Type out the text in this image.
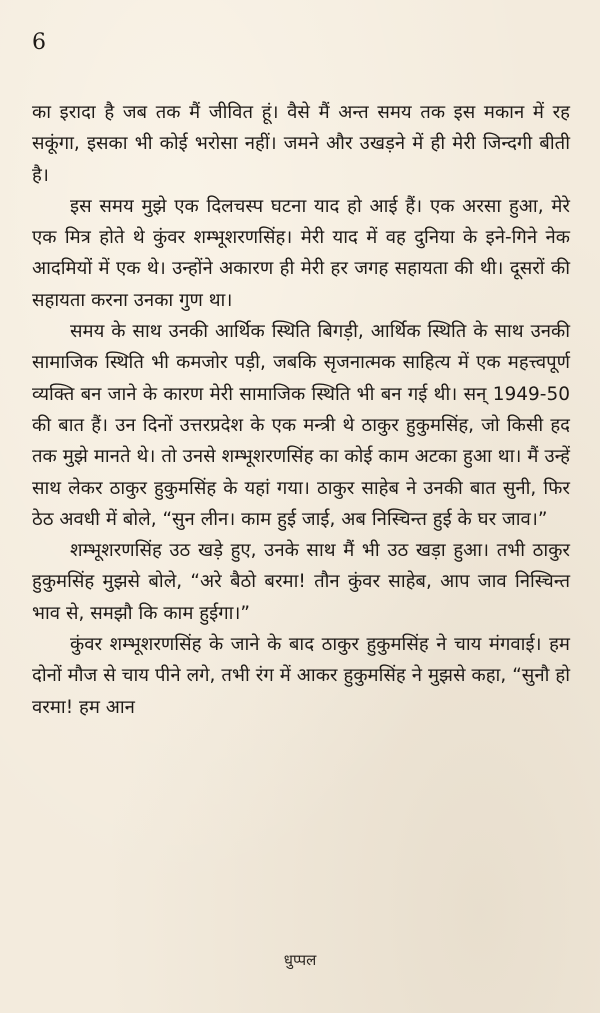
6

का इरादा है जब तक मैं जीवित हूं। वैसे मैं अन्त समय तक इस मकान में रह सकूंगा, इसका भी कोई भरोसा नहीं। जमने और उखड़ने में ही मेरी जिन्दगी बीती है।

इस समय मुझे एक दिलचस्प घटना याद हो आई हैं। एक अरसा हुआ, मेरे एक मित्र होते थे कुंवर शम्भूशरणसिंह। मेरी याद में वह दुनिया के इने-गिने नेक आदमियों में एक थे। उन्होंने अकारण ही मेरी हर जगह सहायता की थी। दूसरों की सहायता करना उनका गुण था।

समय के साथ उनकी आर्थिक स्थिति बिगड़ी, आर्थिक स्थिति के साथ उनकी सामाजिक स्थिति भी कमजोर पड़ी, जबकि सृजनात्मक साहित्य में एक महत्त्वपूर्ण व्यक्ति बन जाने के कारण मेरी सामाजिक स्थिति भी बन गई थी। सन् 1949-50 की बात हैं। उन दिनों उत्तरप्रदेश के एक मन्त्री थे ठाकुर हुकुमसिंह, जो किसी हद तक मुझे मानते थे। तो उनसे शम्भूशरणसिंह का कोई काम अटका हुआ था। मैं उन्हें साथ लेकर ठाकुर हुकुमसिंह के यहां गया। ठाकुर साहेब ने उनकी बात सुनी, फिर ठेठ अवधी में बोले, “सुन लीन। काम हुई जाई, अब निस्चिन्त हुई के घर जाव।”

शम्भूशरणसिंह उठ खड़े हुए, उनके साथ मैं भी उठ खड़ा हुआ। तभी ठाकुर हुकुमसिंह मुझसे बोले, “अरे बैठो बरमा! तौन कुंवर साहेब, आप जाव निस्चिन्त भाव से, समझौ कि काम हुईगा।”

कुंवर शम्भूशरणसिंह के जाने के बाद ठाकुर हुकुमसिंह ने चाय मंगवाई। हम दोनों मौज से चाय पीने लगे, तभी रंग में आकर हुकुमसिंह ने मुझसे कहा, “सुनौ हो वरमा! हम आन

धुप्पल
